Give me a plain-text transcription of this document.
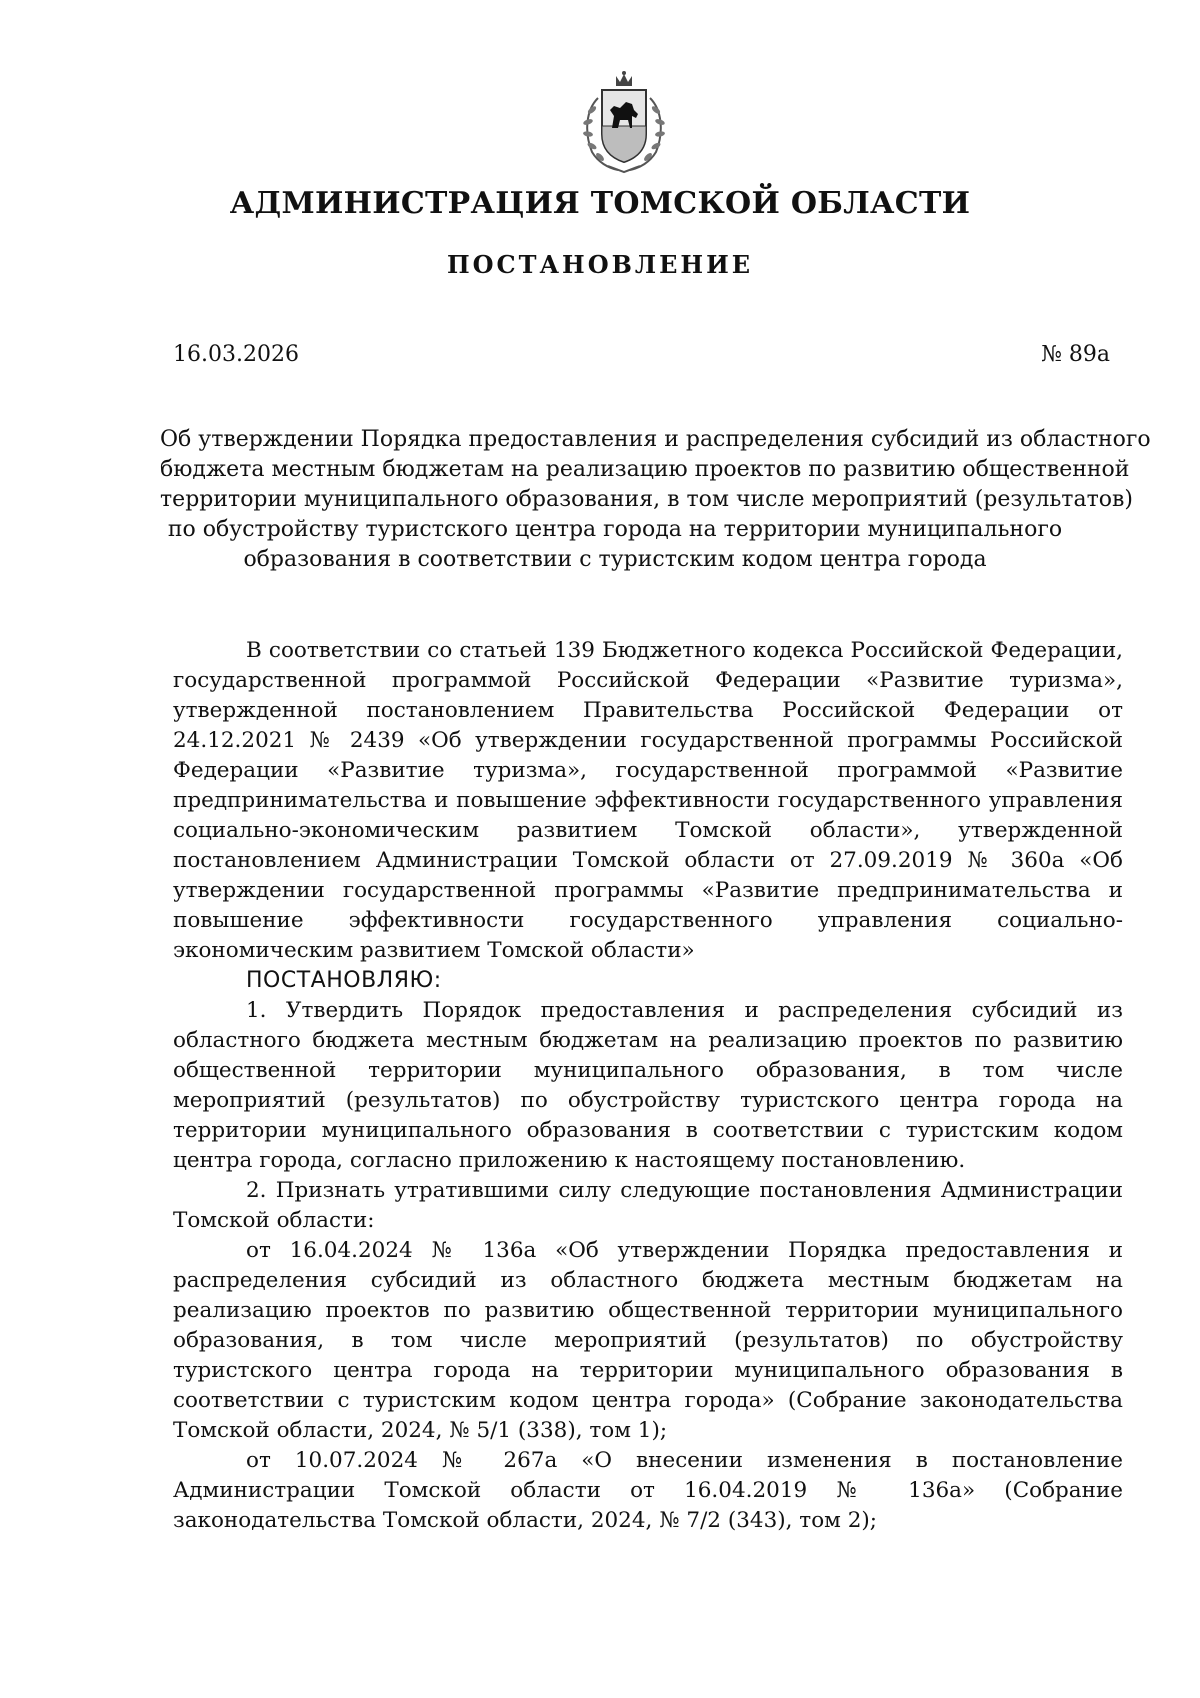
АДМИНИСТРАЦИЯ ТОМСКОЙ ОБЛАСТИ
ПОСТАНОВЛЕНИЕ
16.03.2026	№ 89а
Об утверждении Порядка предоставления и распределения субсидий из областного
бюджета местным бюджетам на реализацию проектов по развитию общественной
территории муниципального образования, в том числе мероприятий (результатов)
по обустройству туристского центра города на территории муниципального
образования в соответствии с туристским кодом центра города

В соответствии со статьей 139 Бюджетного кодекса Российской Федерации, государственной программой Российской Федерации «Развитие туризма», утвержденной постановлением Правительства Российской Федерации от 24.12.2021 № 2439 «Об утверждении государственной программы Российской Федерации «Развитие туризма», государственной программой «Развитие предпринимательства и повышение эффективности государственного управления социально-экономическим развитием Томской области», утвержденной постановлением Администрации Томской области от 27.09.2019 № 360а «Об утверждении государственной программы «Развитие предпринимательства и повышение эффективности государственного управления социально-экономическим развитием Томской области»

ПОСТАНОВЛЯЮ:

1. Утвердить Порядок предоставления и распределения субсидий из областного бюджета местным бюджетам на реализацию проектов по развитию общественной территории муниципального образования, в том числе мероприятий (результатов) по обустройству туристского центра города на территории муниципального образования в соответствии с туристским кодом центра города, согласно приложению к настоящему постановлению.

2. Признать утратившими силу следующие постановления Администрации Томской области:

от 16.04.2024 № 136а «Об утверждении Порядка предоставления и распределения субсидий из областного бюджета местным бюджетам на реализацию проектов по развитию общественной территории муниципального образования, в том числе мероприятий (результатов) по обустройству туристского центра города на территории муниципального образования в соответствии с туристским кодом центра города» (Собрание законодательства Томской области, 2024, № 5/1 (338), том 1);

от 10.07.2024 № 267а «О внесении изменения в постановление Администрации Томской области от 16.04.2019 № 136а» (Собрание законодательства Томской области, 2024, № 7/2 (343), том 2);
